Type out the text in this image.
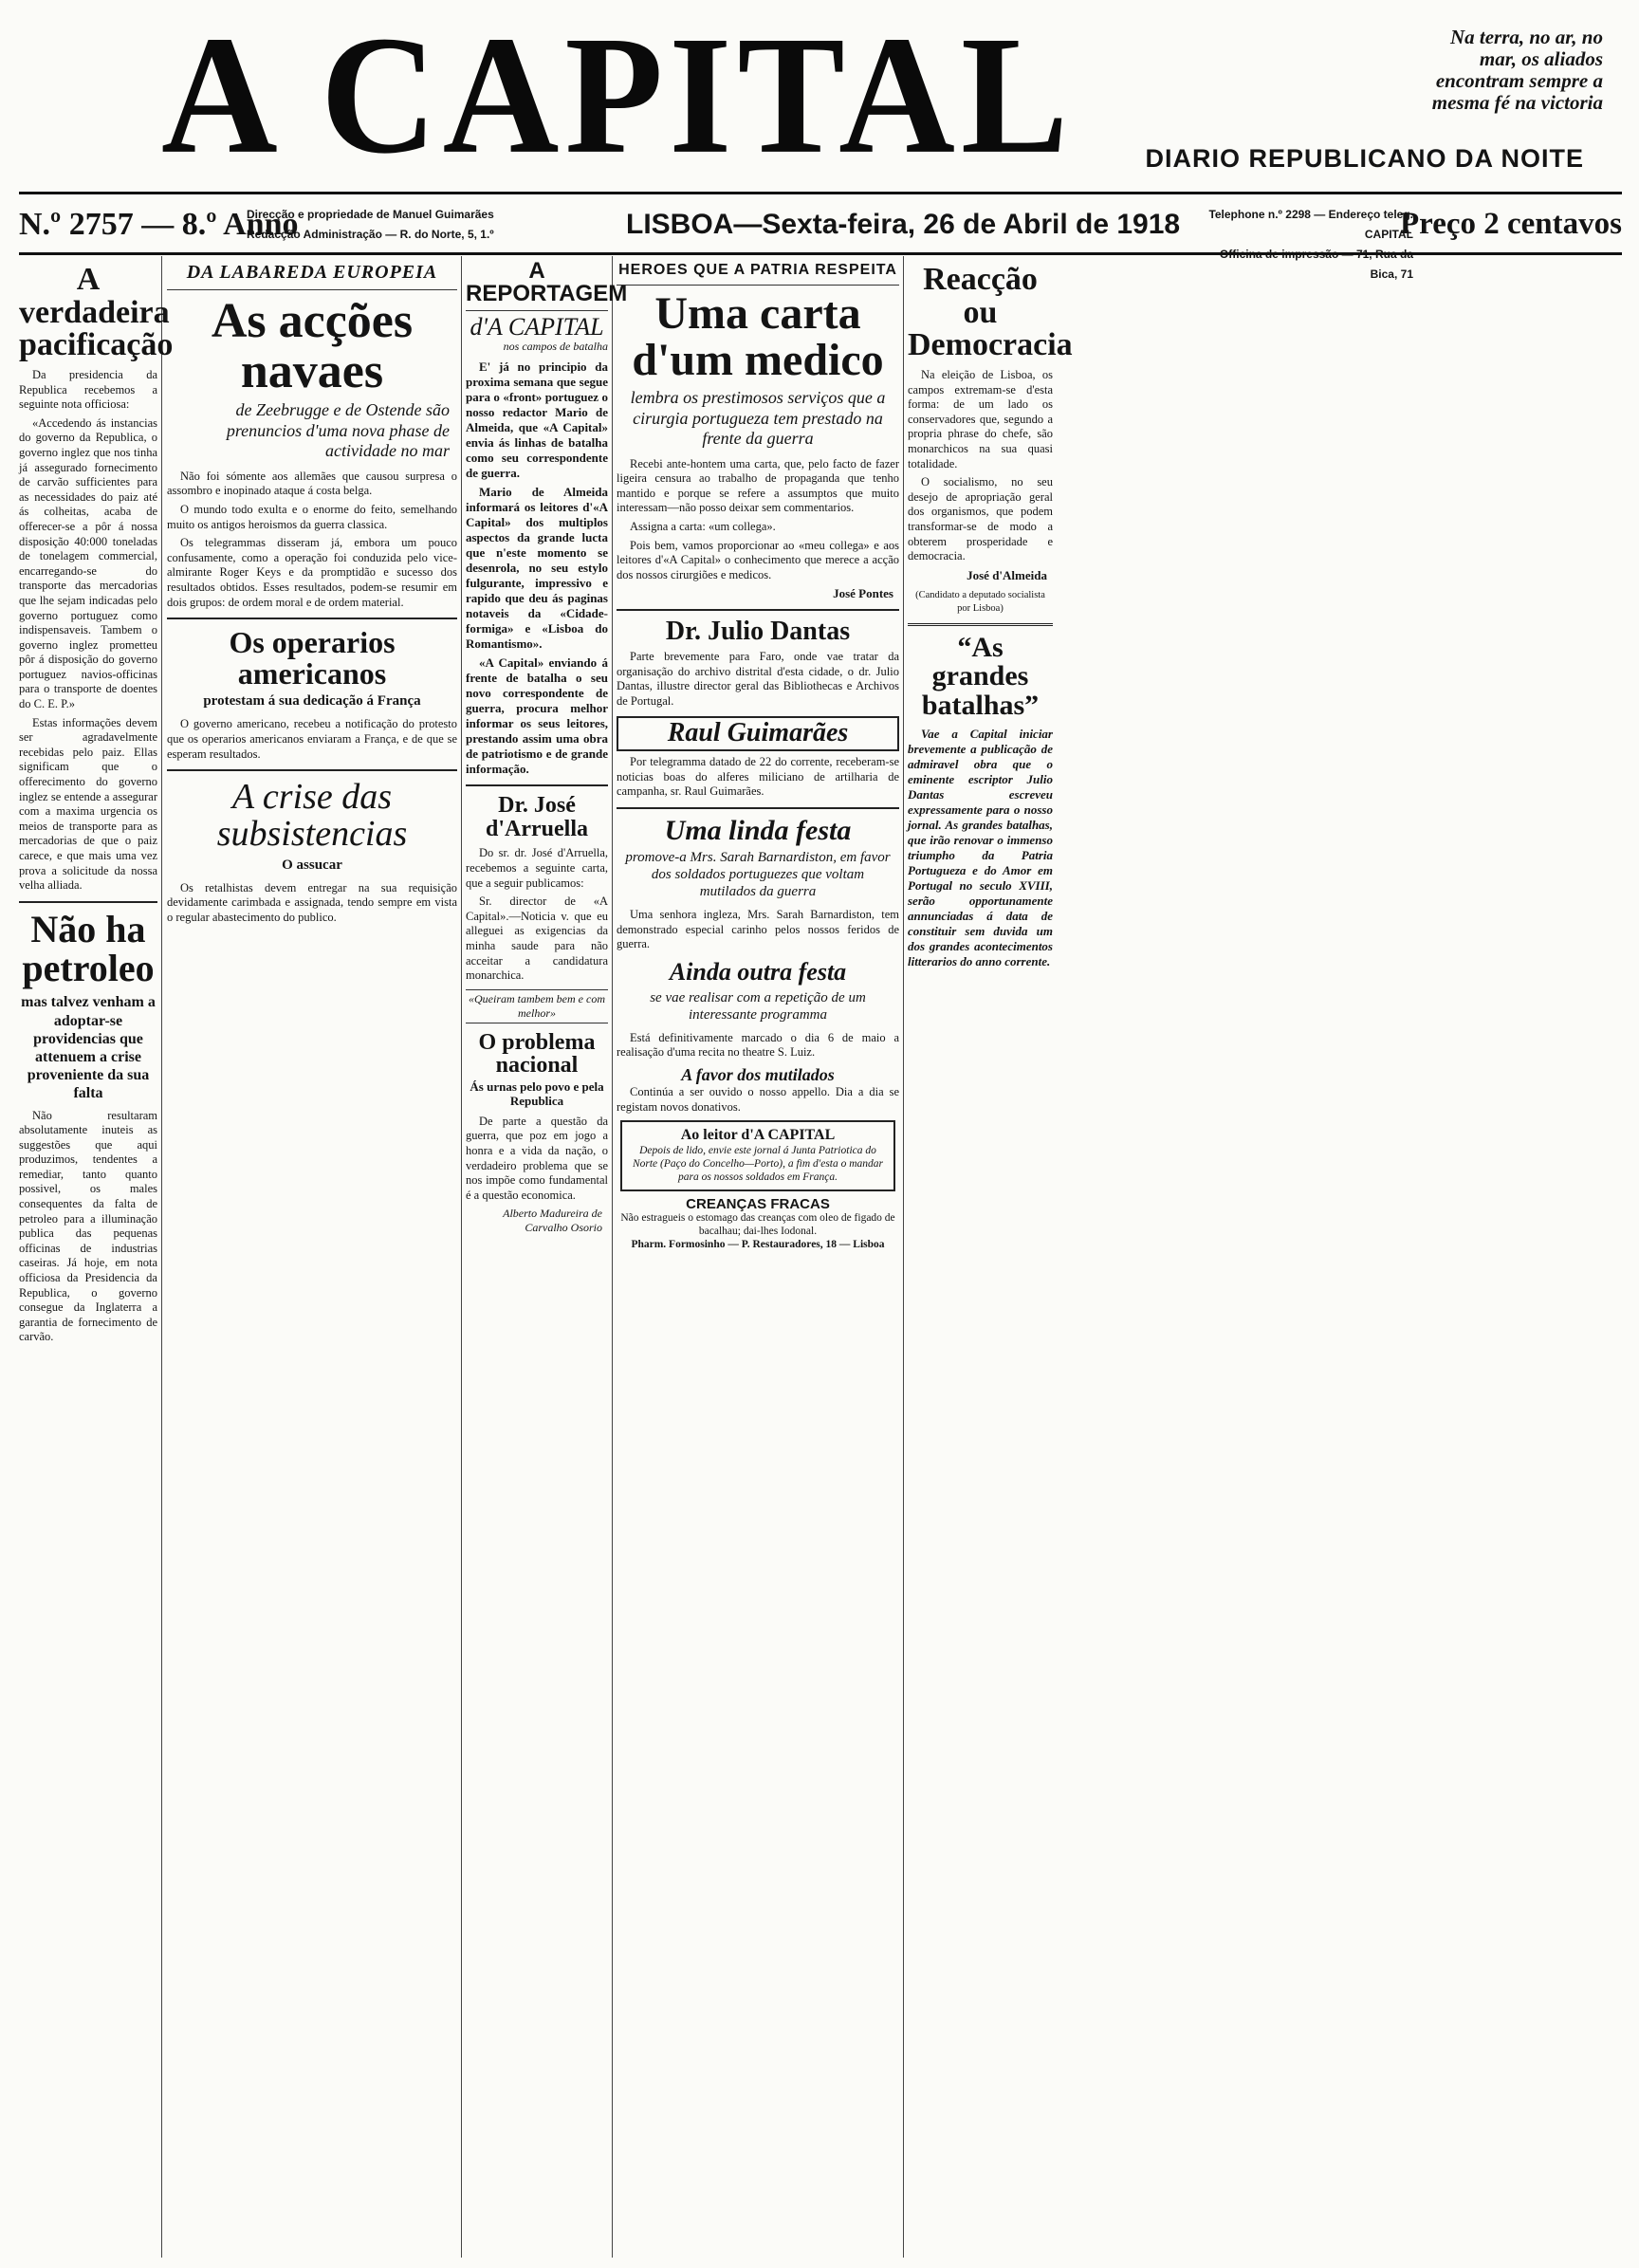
A CAPITAL	Na terra, no ar, no mar, os aliados encontram sempre a mesma fé na victoria
DIARIO REPUBLICANO DA NOITE
N.º 2757 — 8.º Anno
Direcção e propriedade de Manuel Guimarães
Redacção Administração — R. do Norte, 5, 1.º	LISBOA—Sexta-feira, 26 de Abril de 1918	Telephone n.º 2298 — Endereço teleg. CAPITAL
Officina de impressão — 71, Rua da Bica, 71
Preço 2 centavos
A verdadeira pacificação
Da presidencia da Republica recebemos a seguinte nota officiosa:
«Accedendo ás instancias do governo da Republica, o governo inglez que nos tinha já assegurado fornecimento de carvão sufficientes para as necessidades do paiz até ás colheitas, acaba de offerecer-se a pôr á nossa disposição 40:000 toneladas de tonelagem commercial, encarregando-se do transporte das mercadorias que lhe sejam indicadas pelo governo portuguez como indispensaveis. Tambem o governo inglez prometteu pôr á disposição do governo portuguez navios-officinas para o transporte de doentes do C. E. P.»
Estas informações devem ser agradavelmente recebidas pelo paiz. Ellas significam que o offerecimento do governo inglez se entende a assegurar com a maxima urgencia os meios de transporte para as mercadorias de que o paiz carece, e que mais uma vez prova a solicitude da nossa velha alliada.
Não ha petroleo
mas talvez venham a adoptar-se providencias que attenuem a crise proveniente da sua falta
Não resultaram absolutamente inuteis as suggestões que aqui produzimos, tendentes a remediar, tanto quanto possivel, os males consequentes da falta de petroleo para a illuminação publica das pequenas officinas de industrias caseiras. Já hoje, em nota officiosa da Presidencia da Republica, o governo consegue da Inglaterra a garantia de fornecimento de carvão.
DA LABAREDA EUROPEIA
As acções navaes
de Zeebrugge e de Ostende são prenuncios d'uma nova phase de actividade no mar
Não foi sómente aos allemães que causou surpresa o assombro e inopinado ataque á costa belga.
O mundo todo exulta e o enorme do feito, semelhando muito os antigos heroismos da guerra classica.
Os telegrammas disseram já, embora um pouco confusamente, como a operação foi conduzida pelo vice-almirante Roger Keys e da promptidão e sucesso dos resultados obtidos. Esses resultados, podem-se resumir em dois grupos: de ordem moral e de ordem material.
Os operarios americanos
protestam á sua dedicação á França
O governo americano, recebeu a notificação do protesto que os operarios americanos enviaram a França, e de que se esperam resultados.
A crise das subsistencias
O assucar
Os retalhistas devem entregar na sua requisição devidamente carimbada e assignada, tendo sempre em vista o regular abastecimento do publico.
A REPORTAGEM
d'A CAPITAL
nos campos de batalha
E' já no principio da proxima semana que segue para o «front» portuguez o nosso redactor Mario de Almeida, que «A Capital» envia ás linhas de batalha como seu correspondente de guerra.
Mario de Almeida informará os leitores d'«A Capital» dos multiplos aspectos da grande lucta que n'este momento se desenrola, no seu estylo fulgurante, impressivo e rapido que deu ás paginas notaveis da «Cidade-formiga» e «Lisboa do Romantismo».
«A Capital» enviando á frente de batalha o seu novo correspondente de guerra, procura melhor informar os seus leitores, prestando assim uma obra de patriotismo e de grande informação.
Dr. José d'Arruella
Do sr. dr. José d'Arruella, recebemos a seguinte carta, que a seguir publicamos:
Sr. director de «A Capital».—Noticia v. que eu alleguei as exigencias da minha saude para não acceitar a candidatura monarchica.
«Queiram tambem bem e com melhor»
O problema nacional
Ás urnas pelo povo e pela Republica
De parte a questão da guerra, que poz em jogo a honra e a vida da nação, o verdadeiro problema que se nos impõe como fundamental é a questão economica.
Alberto Madureira de Carvalho Osorio
HEROES QUE A PATRIA RESPEITA
Uma carta d'um medico
lembra os prestimosos serviços que a cirurgia portugueza tem prestado na frente da guerra
Recebi ante-hontem uma carta, que, pelo facto de fazer ligeira censura ao trabalho de propaganda que tenho mantido e porque se refere a assumptos que muito interessam—não posso deixar sem commentarios.
Assigna a carta: «um collega».
Pois bem, vamos proporcionar ao «meu collega» e aos leitores d'«A Capital» o conhecimento que merece a acção dos nossos cirurgiões e medicos.
José Pontes
Dr. Julio Dantas
Parte brevemente para Faro, onde vae tratar da organisação do archivo distrital d'esta cidade, o dr. Julio Dantas, illustre director geral das Bibliothecas e Archivos de Portugal.
Raul Guimarães
Por telegramma datado de 22 do corrente, receberam-se noticias boas do alferes miliciano de artilharia de campanha, sr. Raul Guimarães.
Uma linda festa
promove-a Mrs. Sarah Barnardiston, em favor dos soldados portuguezes que voltam mutilados da guerra
Uma senhora ingleza, Mrs. Sarah Barnardiston, tem demonstrado especial carinho pelos nossos feridos de guerra.
Ainda outra festa
se vae realisar com a repetição de um interessante programma
Está definitivamente marcado o dia 6 de maio a realisação d'uma recita no theatre S. Luiz.
A favor dos mutilados
Continúa a ser ouvido o nosso appello. Dia a dia se registam novos donativos.
Ao leitor d'A CAPITAL
Depois de lido, envie este jornal á Junta Patriotica do Norte (Paço do Concelho—Porto), a fim d'esta o mandar para os nossos soldados em França.
CREANÇAS FRACAS
Não estragueis o estomago das creanças com oleo de figado de bacalhau; dai-lhes Iodonal.
Pharm. Formosinho — P. Restauradores, 18 — Lisboa
Reacção ou Democracia
Na eleição de Lisboa, os campos extremam-se d'esta forma: de um lado os conservadores que, segundo a propria phrase do chefe, são monarchicos na sua quasi totalidade.
O socialismo, no seu desejo de apropriação geral dos organismos, que podem transformar-se de modo a obterem prosperidade e democracia.
José d'Almeida
(Candidato a deputado socialista por Lisboa)
“As grandes batalhas”
Vae a Capital iniciar brevemente a publicação de admiravel obra que o eminente escriptor Julio Dantas escreveu expressamente para o nosso jornal. As grandes batalhas, que irão renovar o immenso triumpho da Patria Portugueza e do Amor em Portugal no seculo XVIII, serão opportunamente annunciadas á data de constituir sem duvida um dos grandes acontecimentos litterarios do anno corrente.
